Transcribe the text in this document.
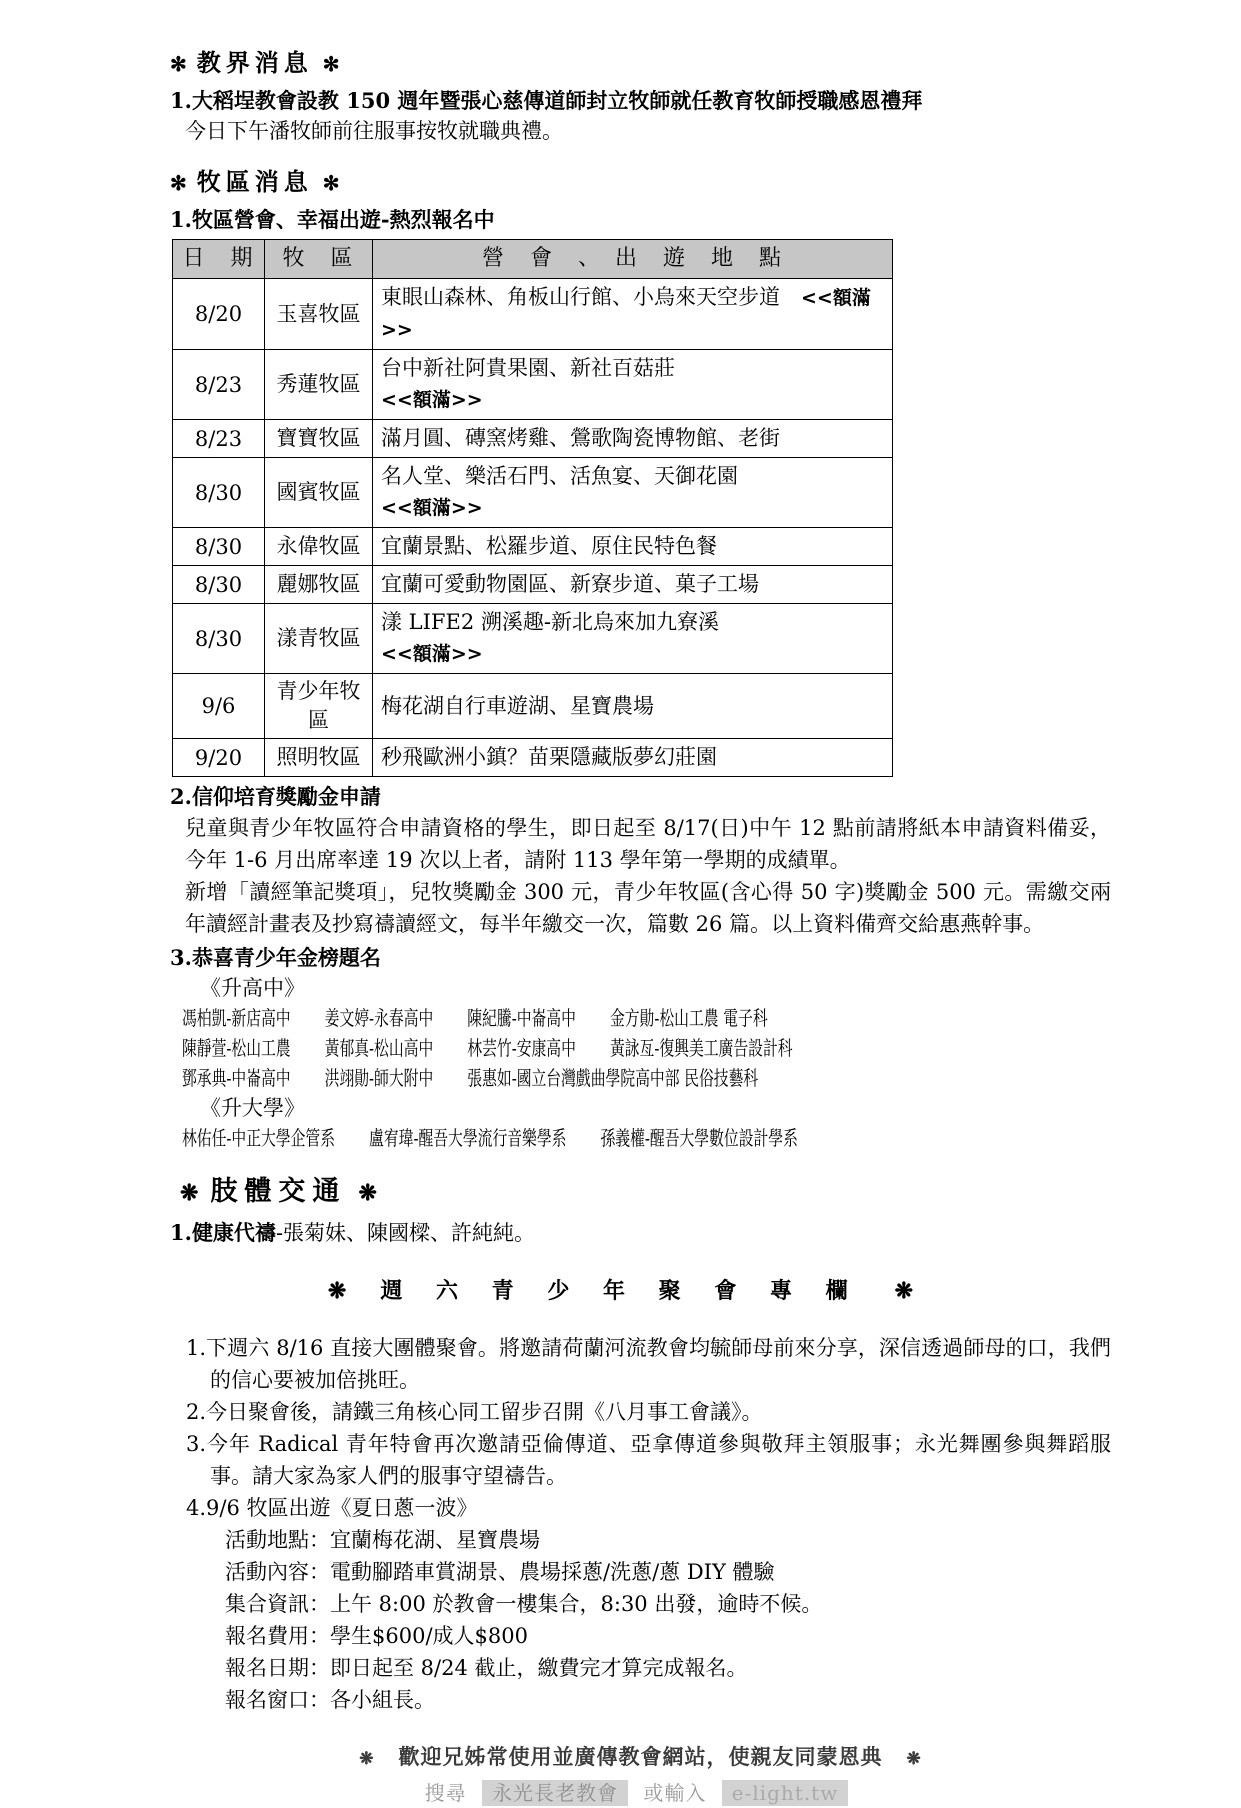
✻ 教界消息 ✻
1.大稻埕教會設教 150 週年暨張心慈傳道師封立牧師就任教育牧師授職感恩禮拜
今日下午潘牧師前往服事按牧就職典禮。
✻ 牧區消息 ✻
1.牧區營會、幸福出遊-熱烈報名中
日　期	牧　區	營　會　、　出　遊　地　點
8/20	玉喜牧區	東眼山森林、角板山行館、小烏來天空步道　 <<額滿>>
8/23	秀蓮牧區	台中新社阿貴果園、新社百菇莊
<<額滿>>
8/23	寶寶牧區	滿月圓、磚窯烤雞、鶯歌陶瓷博物館、老街
8/30	國賓牧區	名人堂、樂活石門、活魚宴、天御花園
<<額滿>>
8/30	永偉牧區	宜蘭景點、松羅步道、原住民特色餐
8/30	麗娜牧區	宜蘭可愛動物園區、新寮步道、菓子工場
8/30	漾青牧區	漾 LIFE2 溯溪趣-新北烏來加九寮溪
<<額滿>>
9/6	青少年牧區	梅花湖自行車遊湖、星寶農場
9/20	照明牧區	秒飛歐洲小鎮？苗栗隱藏版夢幻莊園
2.信仰培育獎勵金申請
兒童與青少年牧區符合申請資格的學生，即日起至 8/17(日)中午 12 點前請將紙本申請資料備妥，今年 1-6 月出席率達 19 次以上者，請附 113 學年第一學期的成績單。
新增「讀經筆記獎項」，兒牧獎勵金 300 元，青少年牧區(含心得 50 字)獎勵金 500 元。需繳交兩年讀經計畫表及抄寫禱讀經文，每半年繳交一次，篇數 26 篇。以上資料備齊交給惠燕幹事。
3.恭喜青少年金榜題名
《升高中》
馮柏凱-新店高中 姜文婷-永春高中 陳紀騰-中崙高中 金方勛-松山工農 電子科
陳靜萱-松山工農 黃郁真-松山高中 林芸竹-安康高中 黃詠亙-復興美工廣告設計科
鄧承典-中崙高中 洪翊勛-師大附中 張惠如-國立台灣戲曲學院高中部 民俗技藝科
《升大學》
林佑任-中正大學企管系 盧宥瑋-醒吾大學流行音樂學系 孫義權-醒吾大學數位設計學系
❋ 肢體交通 ❋
1.健康代禱-張菊妹、陳國樑、許純純。
❋ 週 六 青 少 年 聚 會 專 欄 ❋
1.下週六 8/16 直接大團體聚會。將邀請荷蘭河流教會均毓師母前來分享，深信透過師母的口，我們的信心要被加倍挑旺。
2.今日聚會後，請鐵三角核心同工留步召開《八月事工會議》。
3.今年 Radical 青年特會再次邀請亞倫傳道、亞拿傳道參與敬拜主領服事；永光舞團參與舞蹈服事。請大家為家人們的服事守望禱告。
4.9/6 牧區出遊《夏日蔥一波》
活動地點：宜蘭梅花湖、星寶農場
活動內容：電動腳踏車賞湖景、農場採蔥/洗蔥/蔥 DIY 體驗
集合資訊：上午 8:00 於教會一樓集合，8:30 出發，逾時不候。
報名費用：學生$600/成人$800
報名日期：即日起至 8/24 截止，繳費完才算完成報名。
報名窗口：各小組長。
❋ 歡迎兄姊常使用並廣傳教會網站，使親友同蒙恩典 ❋
搜尋 永光長老教會 或輸入 e-light.tw
